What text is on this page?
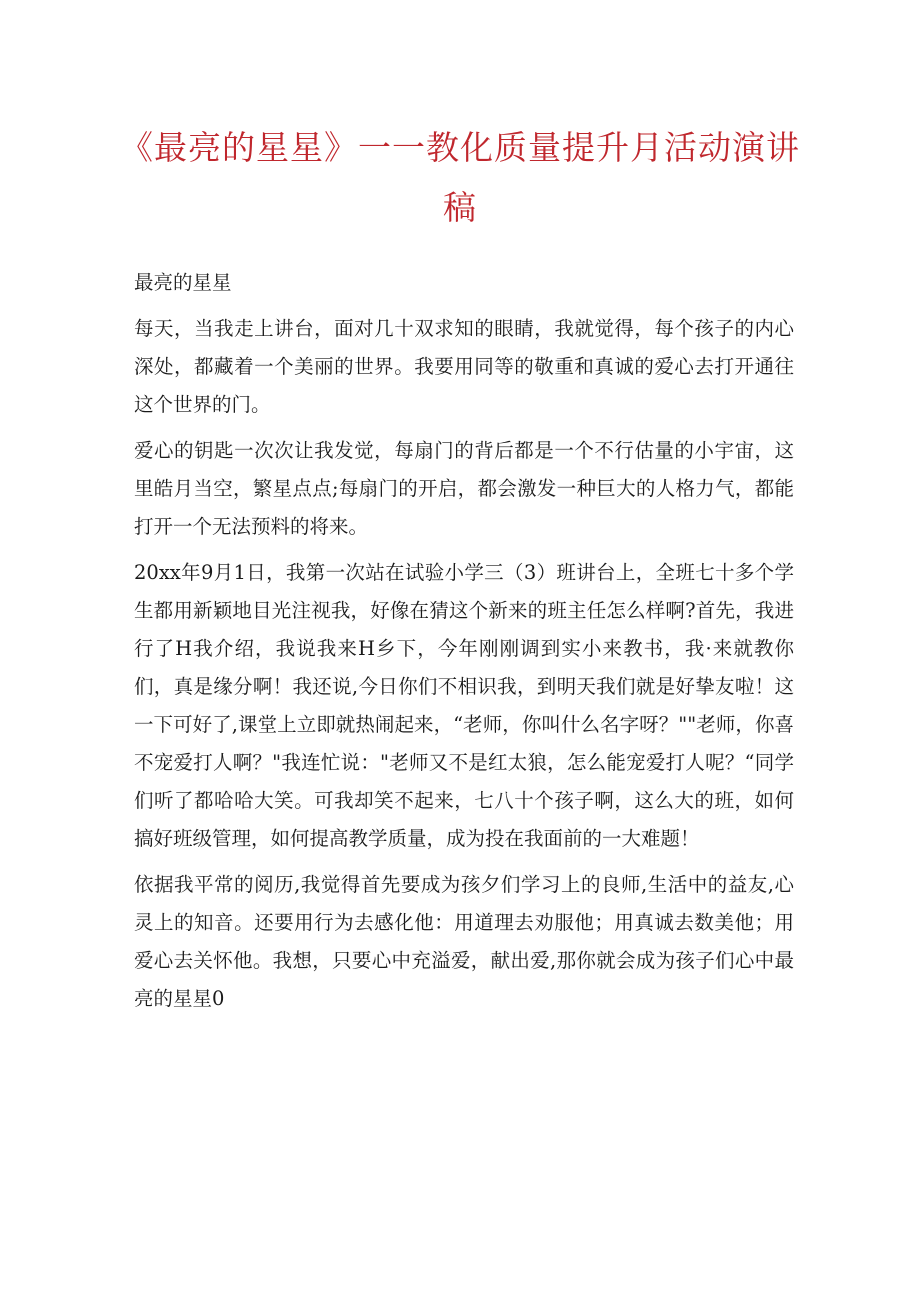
《最亮的星星》一一教化质量提升月活动演讲稿

最亮的星星

每天，当我走上讲台，面对几十双求知的眼睛，我就觉得，每个孩子的内心深处，都藏着一个美丽的世界。我要用同等的敬重和真诚的爱心去打开通往这个世界的门。

爱心的钥匙一次次让我发觉，每扇门的背后都是一个不行估量的小宇宙，这里皓月当空，繁星点点;每扇门的开启，都会激发一种巨大的人格力气，都能打开一个无法预料的将来。

20xx年9月1日，我第一次站在试验小学三（3）班讲台上，全班七十多个学生都用新颖地目光注视我，好像在猜这个新来的班主任怎么样啊?首先，我进行了H我介绍，我说我来H乡下，今年刚刚调到实小来教书，我·来就教你们，真是缘分啊！我还说,今日你们不相识我，到明天我们就是好挚友啦！这一下可好了,课堂上立即就热闹起来，“老师，你叫什么名字呀？""老师，你喜不宠爱打人啊？"我连忙说："老师又不是红太狼，怎么能宠爱打人呢？“同学们听了都哈哈大笑。可我却笑不起来，七八十个孩子啊，这么大的班，如何搞好班级管理，如何提高教学质量，成为投在我面前的一大难题！

依据我平常的阅历,我觉得首先要成为孩夕们学习上的良师,生活中的益友,心灵上的知音。还要用行为去感化他：用道理去劝服他；用真诚去数美他；用爱心去关怀他。我想，只要心中充溢爱，献出爱,那你就会成为孩子们心中最亮的星星0
